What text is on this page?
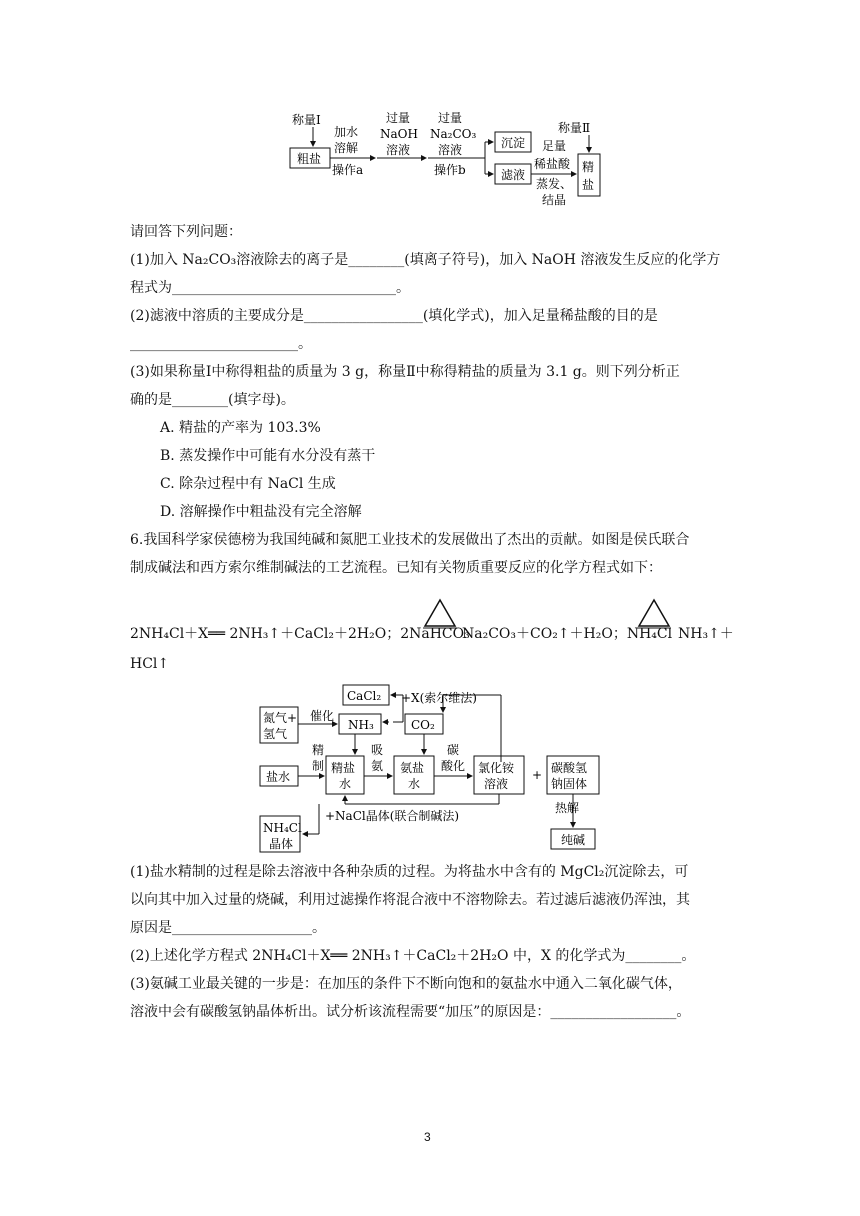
称量Ⅰ
粗盐
加水
溶解
操作a
过量
NaOH
溶液
过量
Na₂CO₃
溶液
操作b
沉淀
滤液
足量
稀盐酸
蒸发、
结晶
称量Ⅱ
精
盐
请回答下列问题：
(1)加入 Na₂CO₃溶液除去的离子是________(填离子符号)，加入 NaOH 溶液发生反应的化学方
程式为________________________________。
(2)滤液中溶质的主要成分是_________________(填化学式)，加入足量稀盐酸的目的是
________________________。
(3)如果称量Ⅰ中称得粗盐的质量为 3 g，称量Ⅱ中称得精盐的质量为 3.1 g。则下列分析正
确的是________(填字母)。
A. 精盐的产率为 103.3%
B. 蒸发操作中可能有水分没有蒸干
C. 除杂过程中有 NaCl 生成
D. 溶解操作中粗盐没有完全溶解
6.我国科学家侯德榜为我国纯碱和氮肥工业技术的发展做出了杰出的贡献。如图是侯氏联合
制成碱法和西方索尔维制碱法的工艺流程。已知有关物质重要反应的化学方程式如下：
2NH₄Cl＋X══ 2NH₃↑＋CaCl₂＋2H₂O；2NaHCO₃
Na₂CO₃＋CO₂↑＋H₂O；NH₄Cl NH₃↑＋
HCl↑
CaCl₂ +X(索尔维法)
氮气+
氢气
催化
NH₃	CO₂
盐水
精
制 精盐
水
吸
氨 氨盐
水
碳
酸化 氯化铵
溶液
+ 碳酸氢
钠固体
热解
纯碱
+NaCl晶体(联合制碱法)
NH₄Cl
晶体
(1)盐水精制的过程是除去溶液中各种杂质的过程。为将盐水中含有的 MgCl₂沉淀除去，可
以向其中加入过量的烧碱，利用过滤操作将混合液中不溶物除去。若过滤后滤液仍浑浊，其
原因是____________________。
(2)上述化学方程式 2NH₄Cl＋X══ 2NH₃↑＋CaCl₂＋2H₂O 中，X 的化学式为________。
(3)氨碱工业最关键的一步是：在加压的条件下不断向饱和的氨盐水中通入二氧化碳气体，
溶液中会有碳酸氢钠晶体析出。试分析该流程需要“加压”的原因是：__________________。
3
